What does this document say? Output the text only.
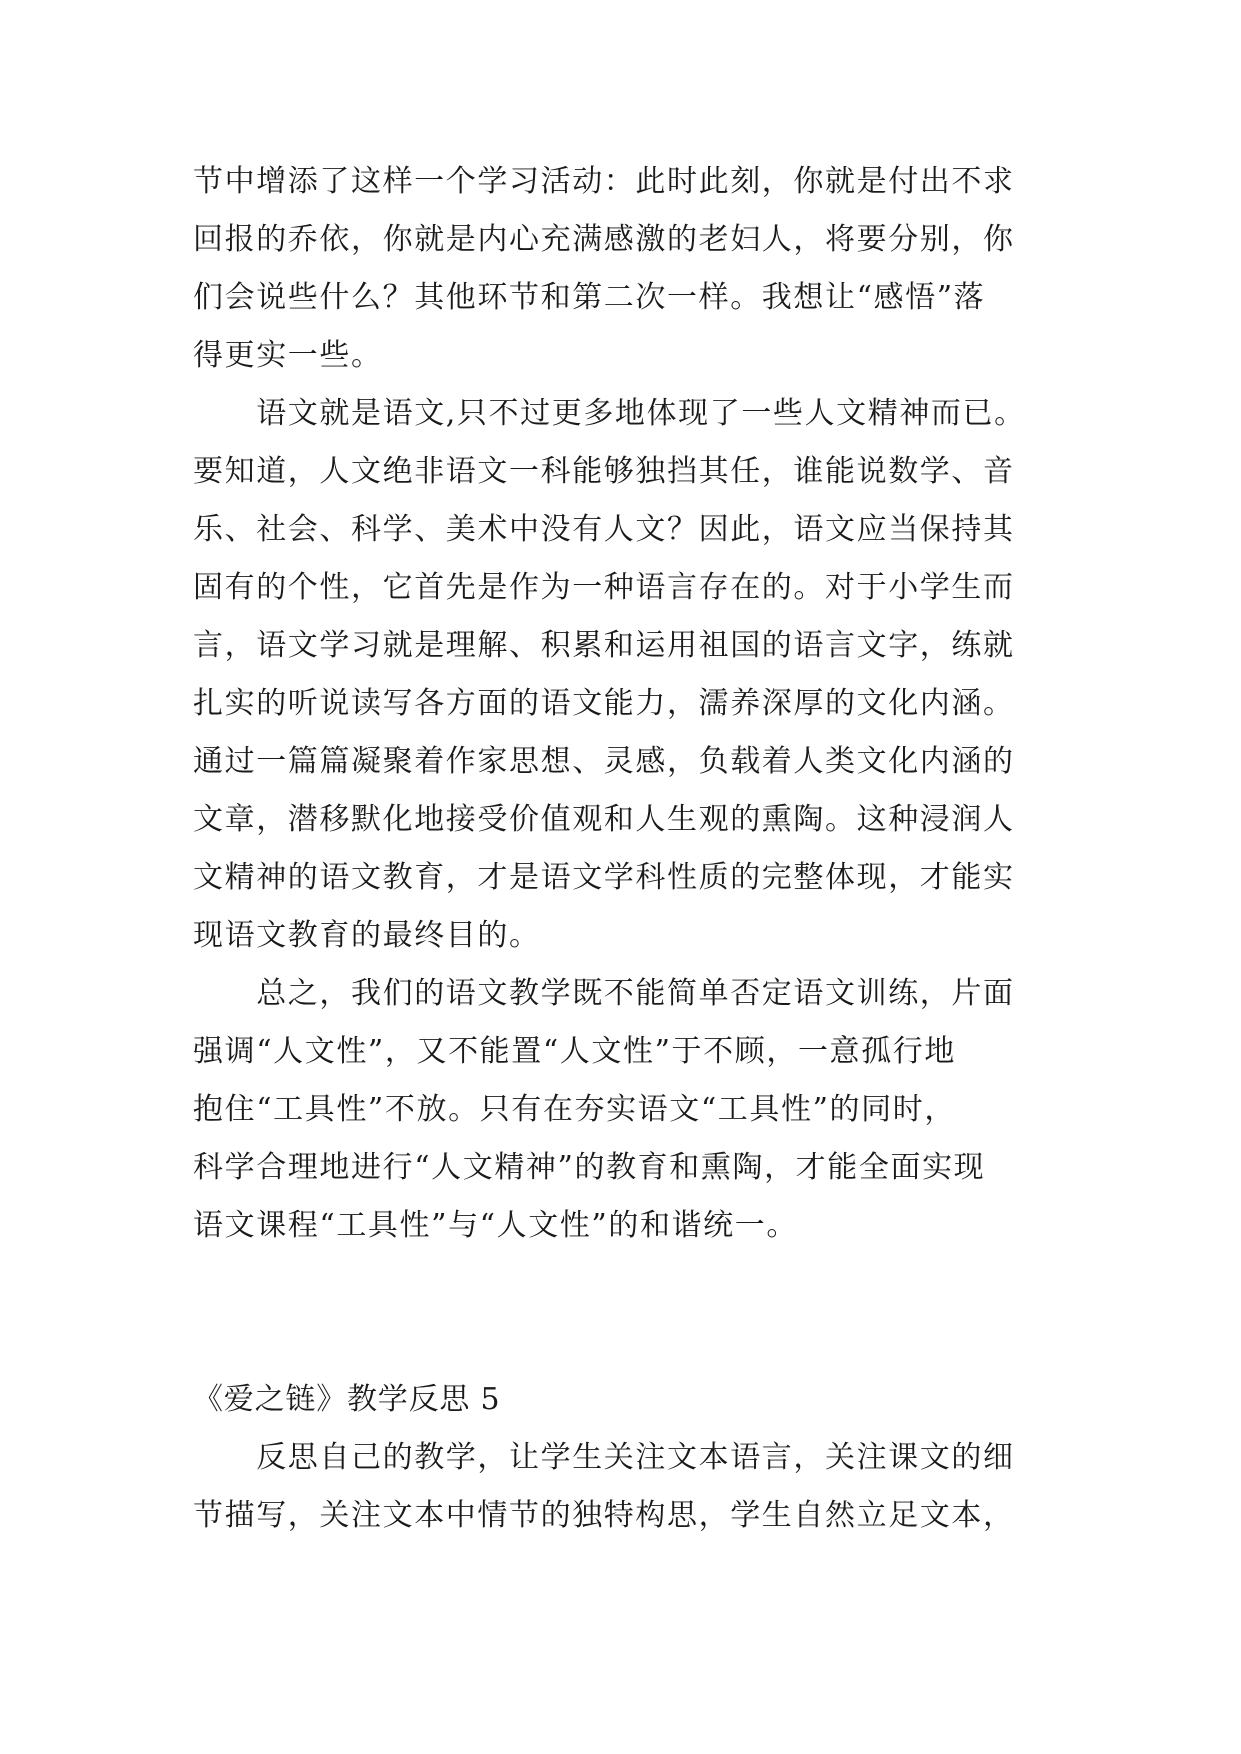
节中增添了这样一个学习活动：此时此刻，你就是付出不求
回报的乔依，你就是内心充满感激的老妇人，将要分别，你
们会说些什么？其他环节和第二次一样。我想让“感悟”落
得更实一些。
　　语文就是语文,只不过更多地体现了一些人文精神而已。
要知道，人文绝非语文一科能够独挡其任，谁能说数学、音
乐、社会、科学、美术中没有人文？因此，语文应当保持其
固有的个性，它首先是作为一种语言存在的。对于小学生而
言，语文学习就是理解、积累和运用祖国的语言文字，练就
扎实的听说读写各方面的语文能力，濡养深厚的文化内涵。
通过一篇篇凝聚着作家思想、灵感，负载着人类文化内涵的
文章，潜移默化地接受价值观和人生观的熏陶。这种浸润人
文精神的语文教育，才是语文学科性质的完整体现，才能实
现语文教育的最终目的。
　　总之，我们的语文教学既不能简单否定语文训练，片面
强调“人文性”，又不能置“人文性”于不顾，一意孤行地
抱住“工具性”不放。只有在夯实语文“工具性”的同时，
科学合理地进行“人文精神”的教育和熏陶，才能全面实现
语文课程“工具性”与“人文性”的和谐统一。
《爱之链》教学反思 5
　　反思自己的教学，让学生关注文本语言，关注课文的细
节描写，关注文本中情节的独特构思，学生自然立足文本，
